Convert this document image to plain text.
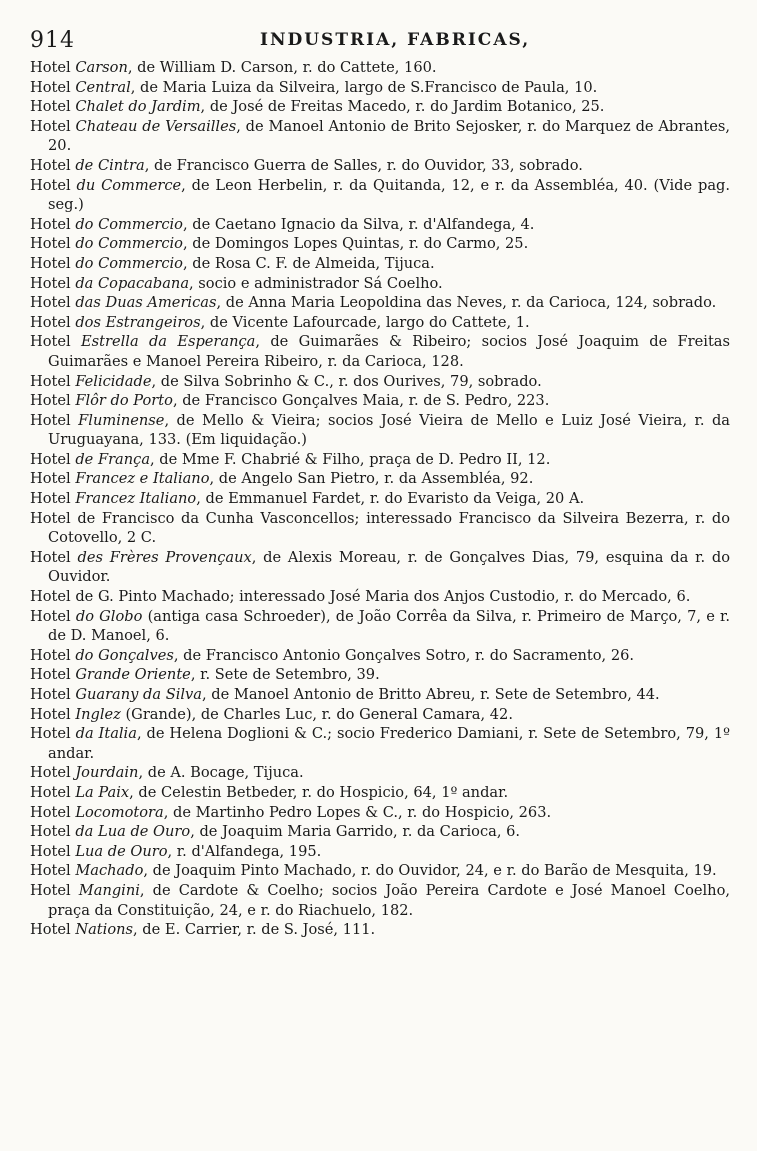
914	INDUSTRIA, FABRICAS,

Hotel Carson, de William D. Carson, r. do Cattete, 160.

Hotel Central, de Maria Luiza da Silveira, largo de S.Francisco de Paula, 10.

Hotel Chalet do Jardim, de José de Freitas Macedo, r. do Jardim Botanico, 25.

Hotel Chateau de Versailles, de Manoel Antonio de Brito Sejosker, r. do Marquez de Abrantes, 20.

Hotel de Cintra, de Francisco Guerra de Salles, r. do Ouvidor, 33, sobrado.

Hotel du Commerce, de Leon Herbelin, r. da Quitanda, 12, e r. da Assembléa, 40. (Vide pag. seg.)

Hotel do Commercio, de Caetano Ignacio da Silva, r. d'Alfandega, 4.

Hotel do Commercio, de Domingos Lopes Quintas, r. do Carmo, 25.

Hotel do Commercio, de Rosa C. F. de Almeida, Tijuca.

Hotel da Copacabana, socio e administrador Sá Coelho.

Hotel das Duas Americas, de Anna Maria Leopoldina das Neves, r. da Carioca, 124, sobrado.

Hotel dos Estrangeiros, de Vicente Lafourcade, largo do Cattete, 1.

Hotel Estrella da Esperança, de Guimarães & Ribeiro; socios José Joaquim de Freitas Guimarães e Manoel Pereira Ribeiro, r. da Carioca, 128.

Hotel Felicidade, de Silva Sobrinho & C., r. dos Ourives, 79, sobrado.

Hotel Flôr do Porto, de Francisco Gonçalves Maia, r. de S. Pedro, 223.

Hotel Fluminense, de Mello & Vieira; socios José Vieira de Mello e Luiz José Vieira, r. da Uruguayana, 133. (Em liquidação.)

Hotel de França, de Mme F. Chabrié & Filho, praça de D. Pedro II, 12.

Hotel Francez e Italiano, de Angelo San Pietro, r. da Assembléa, 92.

Hotel Francez Italiano, de Emmanuel Fardet, r. do Evaristo da Veiga, 20 A.

Hotel de Francisco da Cunha Vasconcellos; interessado Francisco da Silveira Bezerra, r. do Cotovello, 2 C.

Hotel des Frères Provençaux, de Alexis Moreau, r. de Gonçalves Dias, 79, esquina da r. do Ouvidor.

Hotel de G. Pinto Machado; interessado José Maria dos Anjos Custodio, r. do Mercado, 6.

Hotel do Globo (antiga casa Schroeder), de João Corrêa da Silva, r. Primeiro de Março, 7, e r. de D. Manoel, 6.

Hotel do Gonçalves, de Francisco Antonio Gonçalves Sotro, r. do Sacramento, 26.

Hotel Grande Oriente, r. Sete de Setembro, 39.

Hotel Guarany da Silva, de Manoel Antonio de Britto Abreu, r. Sete de Setembro, 44.

Hotel Inglez (Grande), de Charles Luc, r. do General Camara, 42.

Hotel da Italia, de Helena Doglioni & C.; socio Frederico Damiani, r. Sete de Setembro, 79, 1º andar.

Hotel Jourdain, de A. Bocage, Tijuca.

Hotel La Paix, de Celestin Betbeder, r. do Hospicio, 64, 1º andar.

Hotel Locomotora, de Martinho Pedro Lopes & C., r. do Hospicio, 263.

Hotel da Lua de Ouro, de Joaquim Maria Garrido, r. da Carioca, 6.

Hotel Lua de Ouro, r. d'Alfandega, 195.

Hotel Machado, de Joaquim Pinto Machado, r. do Ouvidor, 24, e r. do Barão de Mesquita, 19.

Hotel Mangini, de Cardote & Coelho; socios João Pereira Cardote e José Manoel Coelho, praça da Constituição, 24, e r. do Riachuelo, 182.

Hotel Nations, de E. Carrier, r. de S. José, 111.
